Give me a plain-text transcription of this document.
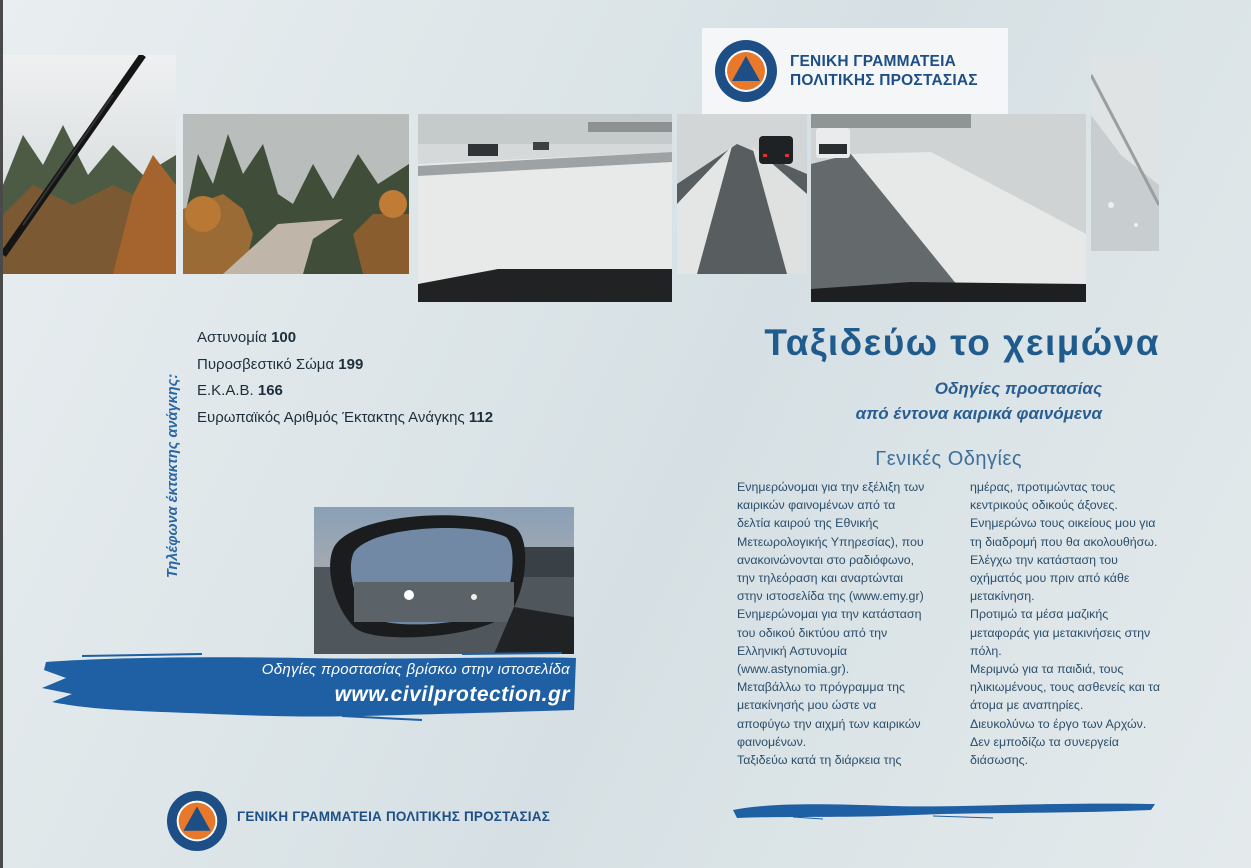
ΓΕΝΙΚΗ ΓΡΑΜΜΑΤΕΙΑ
ΠΟΛΙΤΙΚΗΣ ΠΡΟΣΤΑΣΙΑΣ
Ταξιδεύω το χειμώνα
Οδηγίες προστασίας
από έντονα καιρικά φαινόμενα
Γενικές Οδηγίες

Ενημερώνομαι για την εξέλιξη των καιρικών φαινομένων από τα δελτία καιρού της Εθνικής Μετεωρολογικής Υπηρεσίας), που ανακοινώνονται στο ραδιόφωνο, την τηλεόραση και αναρτώνται στην ιστοσελίδα της (www.emy.gr)

Ενημερώνομαι για την κατάσταση του οδικού δικτύου από την Ελληνική Αστυνομία (www.astynomia.gr).

Μεταβάλλω το πρόγραμμα της μετακίνησής μου ώστε να αποφύγω την αιχμή των καιρικών φαινομένων.

Ταξιδεύω κατά τη διάρκεια της

ημέρας, προτιμώντας τους κεντρικούς οδικούς άξονες.

Ενημερώνω τους οικείους μου για τη διαδρομή που θα ακολουθήσω.

Ελέγχω την κατάσταση του οχήματός μου πριν από κάθε μετακίνηση.

Προτιμώ τα μέσα μαζικής μεταφοράς για μετακινήσεις στην πόλη.

Μεριμνώ για τα παιδιά, τους ηλικιωμένους, τους ασθενείς και τα άτομα με αναπηρίες.

Διευκολύνω το έργο των Αρχών. Δεν εμποδίζω τα συνεργεία διάσωσης.

Τηλέφωνα έκτακτης ανάγκης:
Αστυνομία 100
Πυροσβεστικό Σώμα 199
Ε.Κ.Α.Β. 166
Ευρωπαϊκός Αριθμός Έκτακτης Ανάγκης 112
Οδηγίες προστασίας βρίσκω στην ιστοσελίδα
www.civilprotection.gr
ΓΕΝΙΚΗ ΓΡΑΜΜΑΤΕΙΑ ΠΟΛΙΤΙΚΗΣ ΠΡΟΣΤΑΣΙΑΣ
